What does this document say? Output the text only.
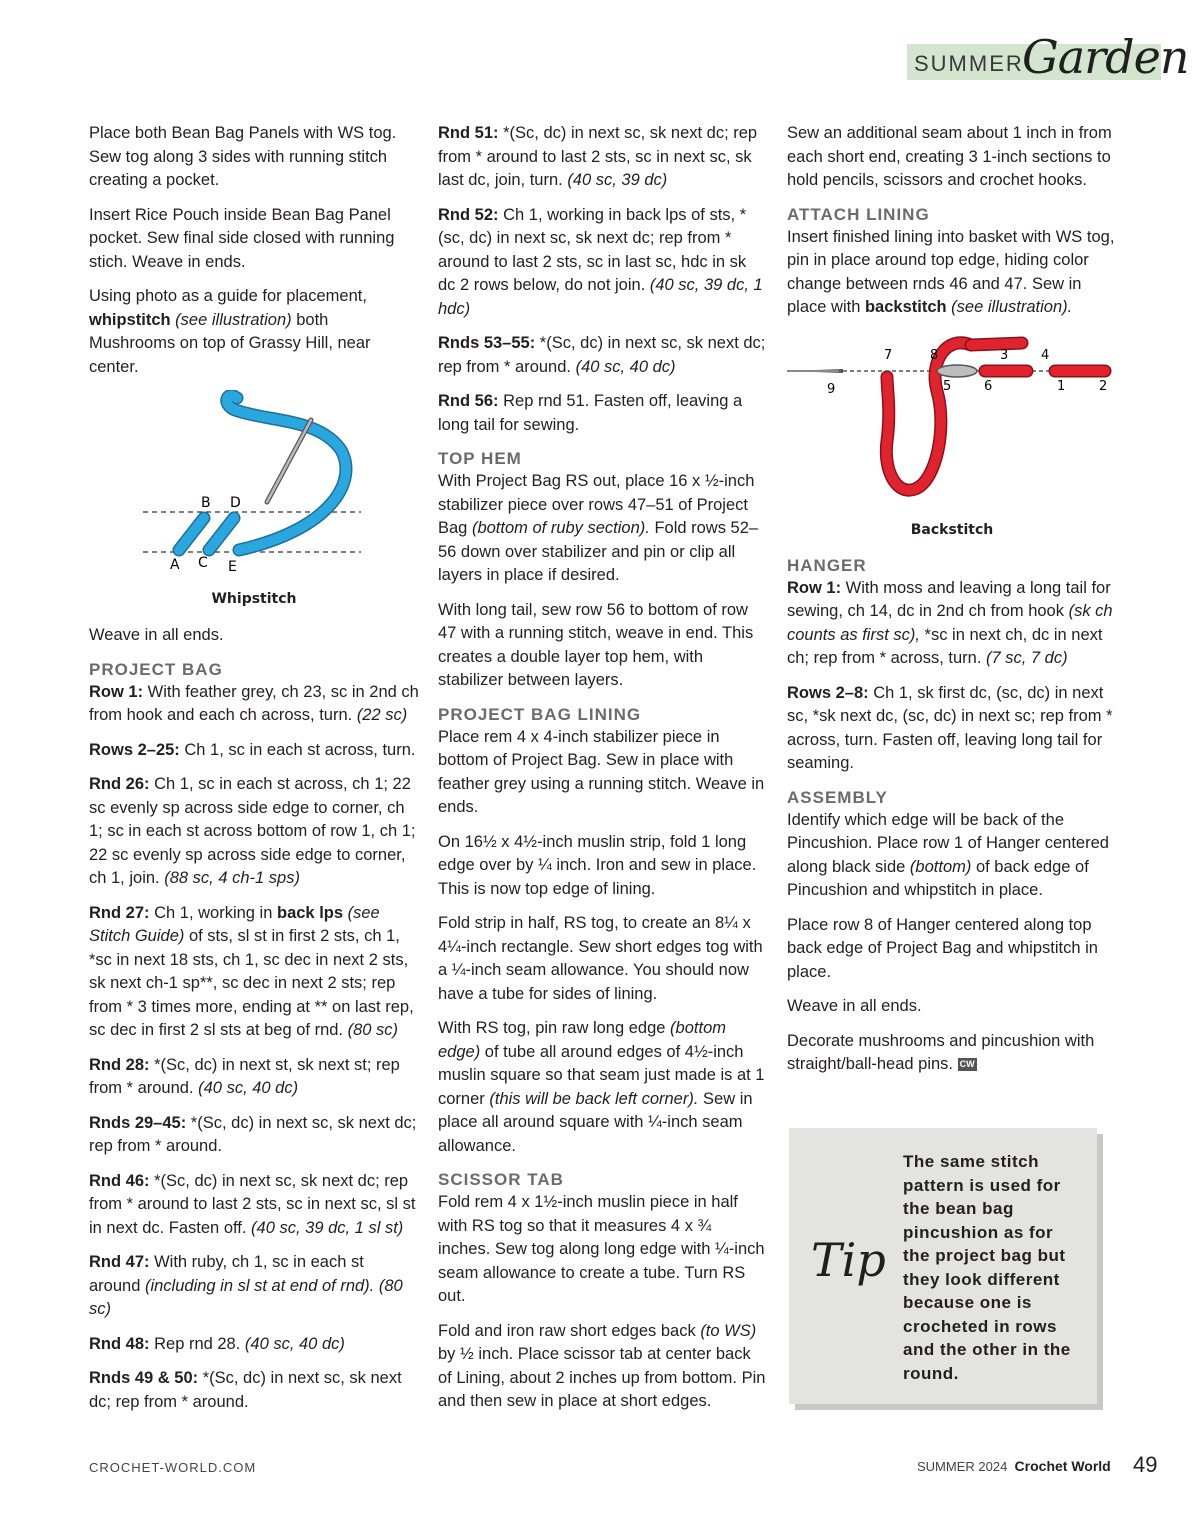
SUMMER
Garden

Place both Bean Bag Panels with WS tog. Sew tog along 3 sides with running stitch creating a pocket.

Insert Rice Pouch inside Bean Bag Panel pocket. Sew final side closed with running stich. Weave in ends.

Using photo as a guide for placement, whipstitch (see illustration) both Mushrooms on top of Grassy Hill, near center.

B D
A C E
Whipstitch

Weave in all ends.

PROJECT BAG

Row 1: With feather grey, ch 23, sc in 2nd ch from hook and each ch across, turn. (22 sc)

Rows 2–25: Ch 1, sc in each st across, turn.

Rnd 26: Ch 1, sc in each st across, ch 1; 22 sc evenly sp across side edge to corner, ch 1; sc in each st across bottom of row 1, ch 1; 22 sc evenly sp across side edge to corner, ch 1, join. (88 sc, 4 ch-1 sps)

Rnd 27: Ch 1, working in back lps (see Stitch Guide) of sts, sl st in first 2 sts, ch 1, *sc in next 18 sts, ch 1, sc dec in next 2 sts, sk next ch-1 sp**, sc dec in next 2 sts; rep from * 3 times more, ending at ** on last rep, sc dec in first 2 sl sts at beg of rnd. (80 sc)

Rnd 28: *(Sc, dc) in next st, sk next st; rep from * around. (40 sc, 40 dc)

Rnds 29–45: *(Sc, dc) in next sc, sk next dc; rep from * around.

Rnd 46: *(Sc, dc) in next sc, sk next dc; rep from * around to last 2 sts, sc in next sc, sl st in next dc. Fasten off. (40 sc, 39 dc, 1 sl st)

Rnd 47: With ruby, ch 1, sc in each st around (including in sl st at end of rnd). (80 sc)

Rnd 48: Rep rnd 28. (40 sc, 40 dc)

Rnds 49 & 50: *(Sc, dc) in next sc, sk next dc; rep from * around.

Rnd 51: *(Sc, dc) in next sc, sk next dc; rep from * around to last 2 sts, sc in next sc, sk last dc, join, turn. (40 sc, 39 dc)

Rnd 52: Ch 1, working in back lps of sts, *(sc, dc) in next sc, sk next dc; rep from * around to last 2 sts, sc in last sc, hdc in sk dc 2 rows below, do not join. (40 sc, 39 dc, 1 hdc)

Rnds 53–55: *(Sc, dc) in next sc, sk next dc; rep from * around. (40 sc, 40 dc)

Rnd 56: Rep rnd 51. Fasten off, leaving a long tail for sewing.

TOP HEM

With Project Bag RS out, place 16 x ½-inch stabilizer piece over rows 47–51 of Project Bag (bottom of ruby section). Fold rows 52–56 down over stabilizer and pin or clip all layers in place if desired.

With long tail, sew row 56 to bottom of row 47 with a running stitch, weave in end. This creates a double layer top hem, with stabilizer between layers.

PROJECT BAG LINING

Place rem 4 x 4-inch stabilizer piece in bottom of Project Bag. Sew in place with feather grey using a running stitch. Weave in ends.

On 16½ x 4½-inch muslin strip, fold 1 long edge over by ¼ inch. Iron and sew in place. This is now top edge of lining.

Fold strip in half, RS tog, to create an 8¼ x 4¼-inch rectangle. Sew short edges tog with a ¼-inch seam allowance. You should now have a tube for sides of lining.

With RS tog, pin raw long edge (bottom edge) of tube all around edges of 4½-inch muslin square so that seam just made is at 1 corner (this will be back left corner). Sew in place all around square with ¼-inch seam allowance.

SCISSOR TAB

Fold rem 4 x 1½-inch muslin piece in half with RS tog so that it measures 4 x ¾ inches. Sew tog along long edge with ¼-inch seam allowance to create a tube. Turn RS out.

Fold and iron raw short edges back (to WS) by ½ inch. Place scissor tab at center back of Lining, about 2 inches up from bottom. Pin and then sew in place at short edges.

Sew an additional seam about 1 inch in from each short end, creating 3 1-inch sections to hold pencils, scissors and crochet hooks.

ATTACH LINING

Insert finished lining into basket with WS tog, pin in place around top edge, hiding color change between rnds 46 and 47. Sew in place with backstitch (see illustration).

7	8	3	4
9	5	6	1	2
Backstitch
HANGER

Row 1: With moss and leaving a long tail for sewing, ch 14, dc in 2nd ch from hook (sk ch counts as first sc), *sc in next ch, dc in next ch; rep from * across, turn. (7 sc, 7 dc)

Rows 2–8: Ch 1, sk first dc, (sc, dc) in next sc, *sk next dc, (sc, dc) in next sc; rep from * across, turn. Fasten off, leaving long tail for seaming.

ASSEMBLY

Identify which edge will be back of the Pincushion. Place row 1 of Hanger centered along black side (bottom) of back edge of Pincushion and whipstitch in place.

Place row 8 of Hanger centered along top back edge of Project Bag and whipstitch in place.

Weave in all ends.

Decorate mushrooms and pincushion with straight/ball-head pins. CW

Tip
The same stitch pattern is used for the bean bag pincushion as for the project bag but they look different because one is crocheted in rows and the other in the round.
CROCHET-WORLD.COM	SUMMER 2024 Crochet World 49
